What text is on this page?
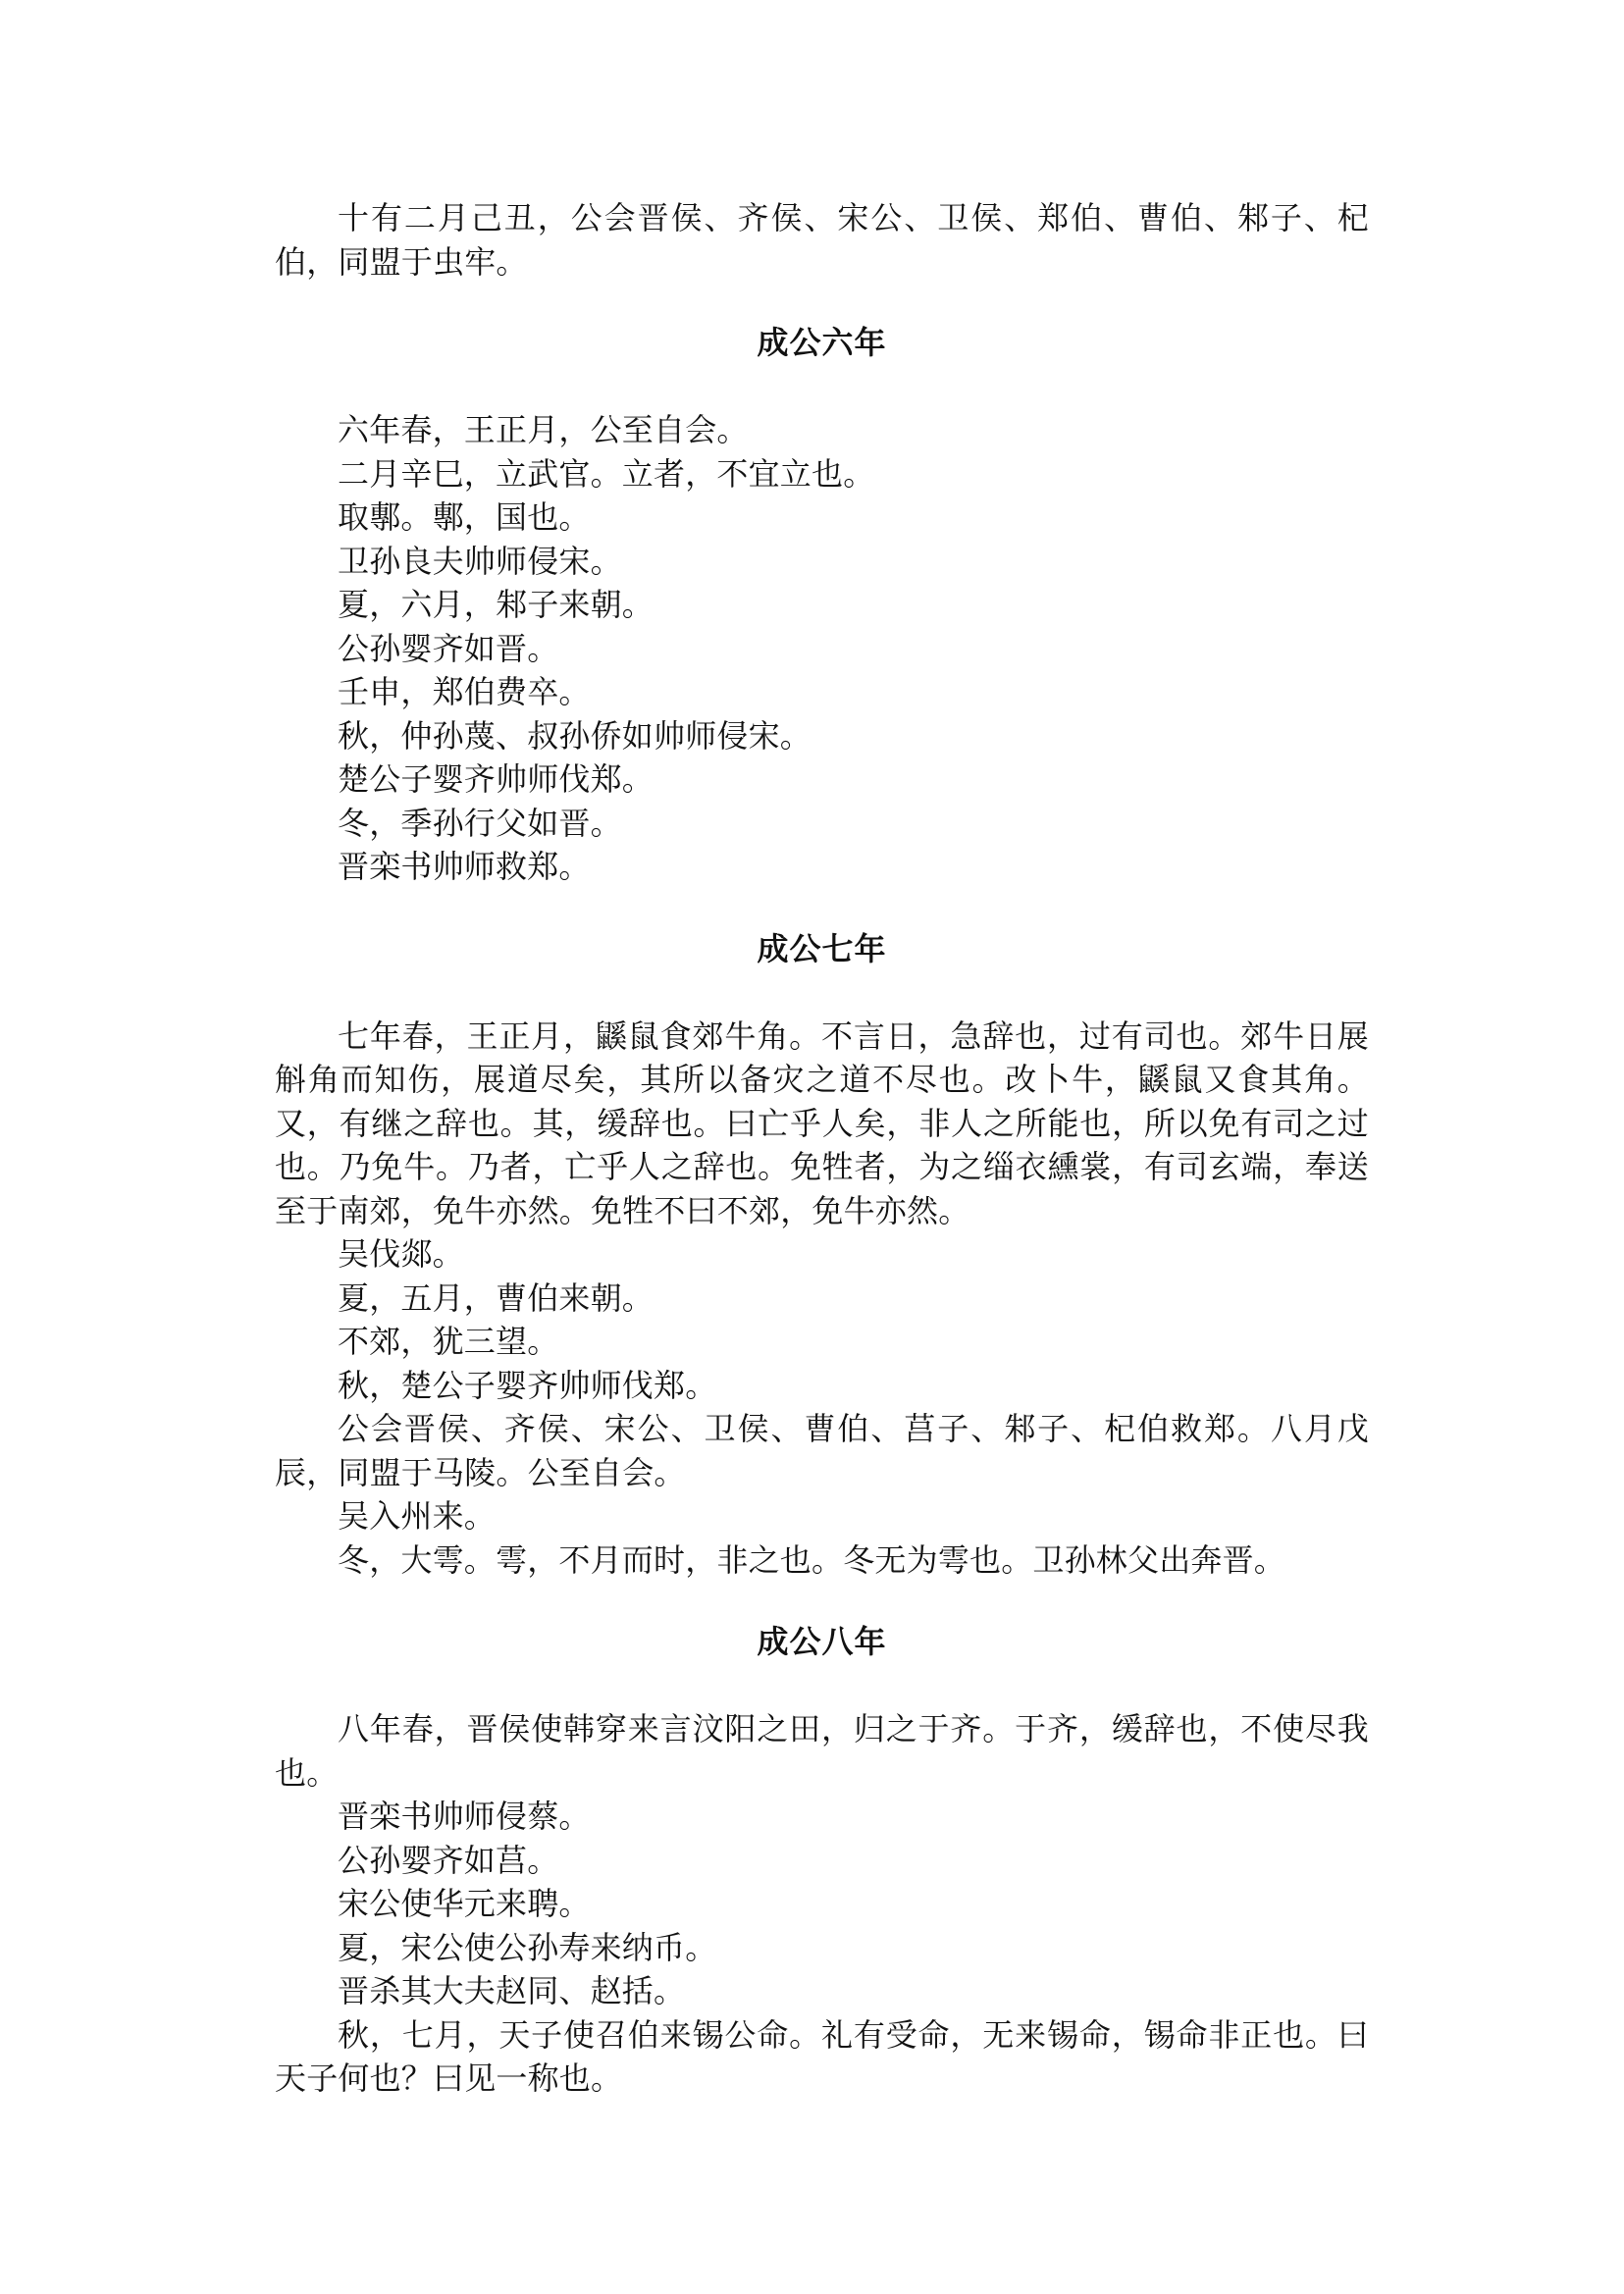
十有二月己丑，公会晋侯、齐侯、宋公、卫侯、郑伯、曹伯、邾子、杞伯，同盟于虫牢。

成公六年

六年春，王正月，公至自会。

二月辛巳，立武官。立者，不宜立也。

取鄟。鄟，国也。

卫孙良夫帅师侵宋。

夏，六月，邾子来朝。

公孙婴齐如晋。

壬申，郑伯费卒。

秋，仲孙蔑、叔孙侨如帅师侵宋。

楚公子婴齐帅师伐郑。

冬，季孙行父如晋。

晋栾书帅师救郑。

成公七年

七年春，王正月，鼷鼠食郊牛角。不言日，急辞也，过有司也。郊牛日展斛角而知伤，展道尽矣，其所以备灾之道不尽也。改卜牛，鼷鼠又食其角。又，有继之辞也。其，缓辞也。曰亡乎人矣，非人之所能也，所以免有司之过也。乃免牛。乃者，亡乎人之辞也。免牲者，为之缁衣纁裳，有司玄端，奉送至于南郊，免牛亦然。免牲不曰不郊，免牛亦然。

吴伐郯。

夏，五月，曹伯来朝。

不郊，犹三望。

秋，楚公子婴齐帅师伐郑。

公会晋侯、齐侯、宋公、卫侯、曹伯、莒子、邾子、杞伯救郑。八月戊辰，同盟于马陵。公至自会。

吴入州来。

冬，大雩。雩，不月而时，非之也。冬无为雩也。卫孙林父出奔晋。

成公八年

八年春，晋侯使韩穿来言汶阳之田，归之于齐。于齐，缓辞也，不使尽我也。

晋栾书帅师侵蔡。

公孙婴齐如莒。

宋公使华元来聘。

夏，宋公使公孙寿来纳币。

晋杀其大夫赵同、赵括。

秋，七月，天子使召伯来锡公命。礼有受命，无来锡命，锡命非正也。曰天子何也？曰见一称也。
